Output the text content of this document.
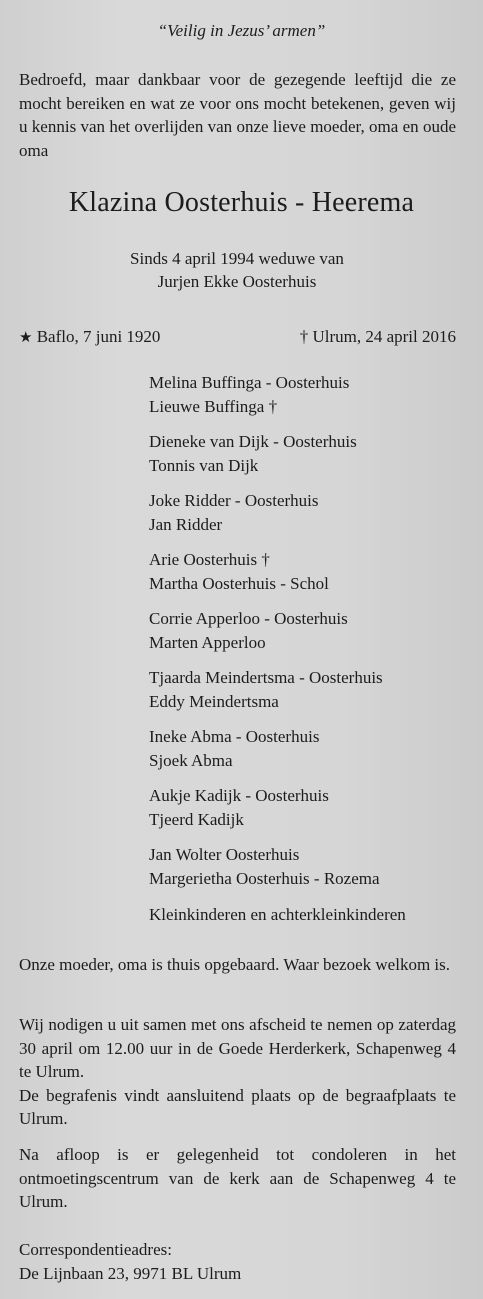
“Veilig in Jezus’ armen”
Bedroefd, maar dankbaar voor de gezegende leeftijd die ze mocht bereiken en wat ze voor ons mocht betekenen, geven wij u kennis van het overlijden van onze lieve moeder, oma en oude oma
Klazina Oosterhuis - Heerema
Sinds 4 april 1994 weduwe van
Jurjen Ekke Oosterhuis
★ Baflo, 7 juni 1920	† Ulrum, 24 april 2016
Melina Buffinga - Oosterhuis
Lieuwe Buffinga †
Dieneke van Dijk - Oosterhuis
Tonnis van Dijk
Joke Ridder - Oosterhuis
Jan Ridder
Arie Oosterhuis †
Martha Oosterhuis - Schol
Corrie Apperloo - Oosterhuis
Marten Apperloo
Tjaarda Meindertsma - Oosterhuis
Eddy Meindertsma
Ineke Abma - Oosterhuis
Sjoek Abma
Aukje Kadijk - Oosterhuis
Tjeerd Kadijk
Jan Wolter Oosterhuis
Margerietha Oosterhuis - Rozema
Kleinkinderen en achterkleinkinderen
Onze moeder, oma is thuis opgebaard. Waar bezoek welkom is.
Wij nodigen u uit samen met ons afscheid te nemen op zaterdag 30 april om 12.00 uur in de Goede Herderkerk, Schapenweg 4 te Ulrum.
De begrafenis vindt aansluitend plaats op de begraafplaats te Ulrum.
Na afloop is er gelegenheid tot condoleren in het ontmoetingscentrum van de kerk aan de Schapenweg 4 te Ulrum.
Correspondentieadres:
De Lijnbaan 23, 9971 BL Ulrum
